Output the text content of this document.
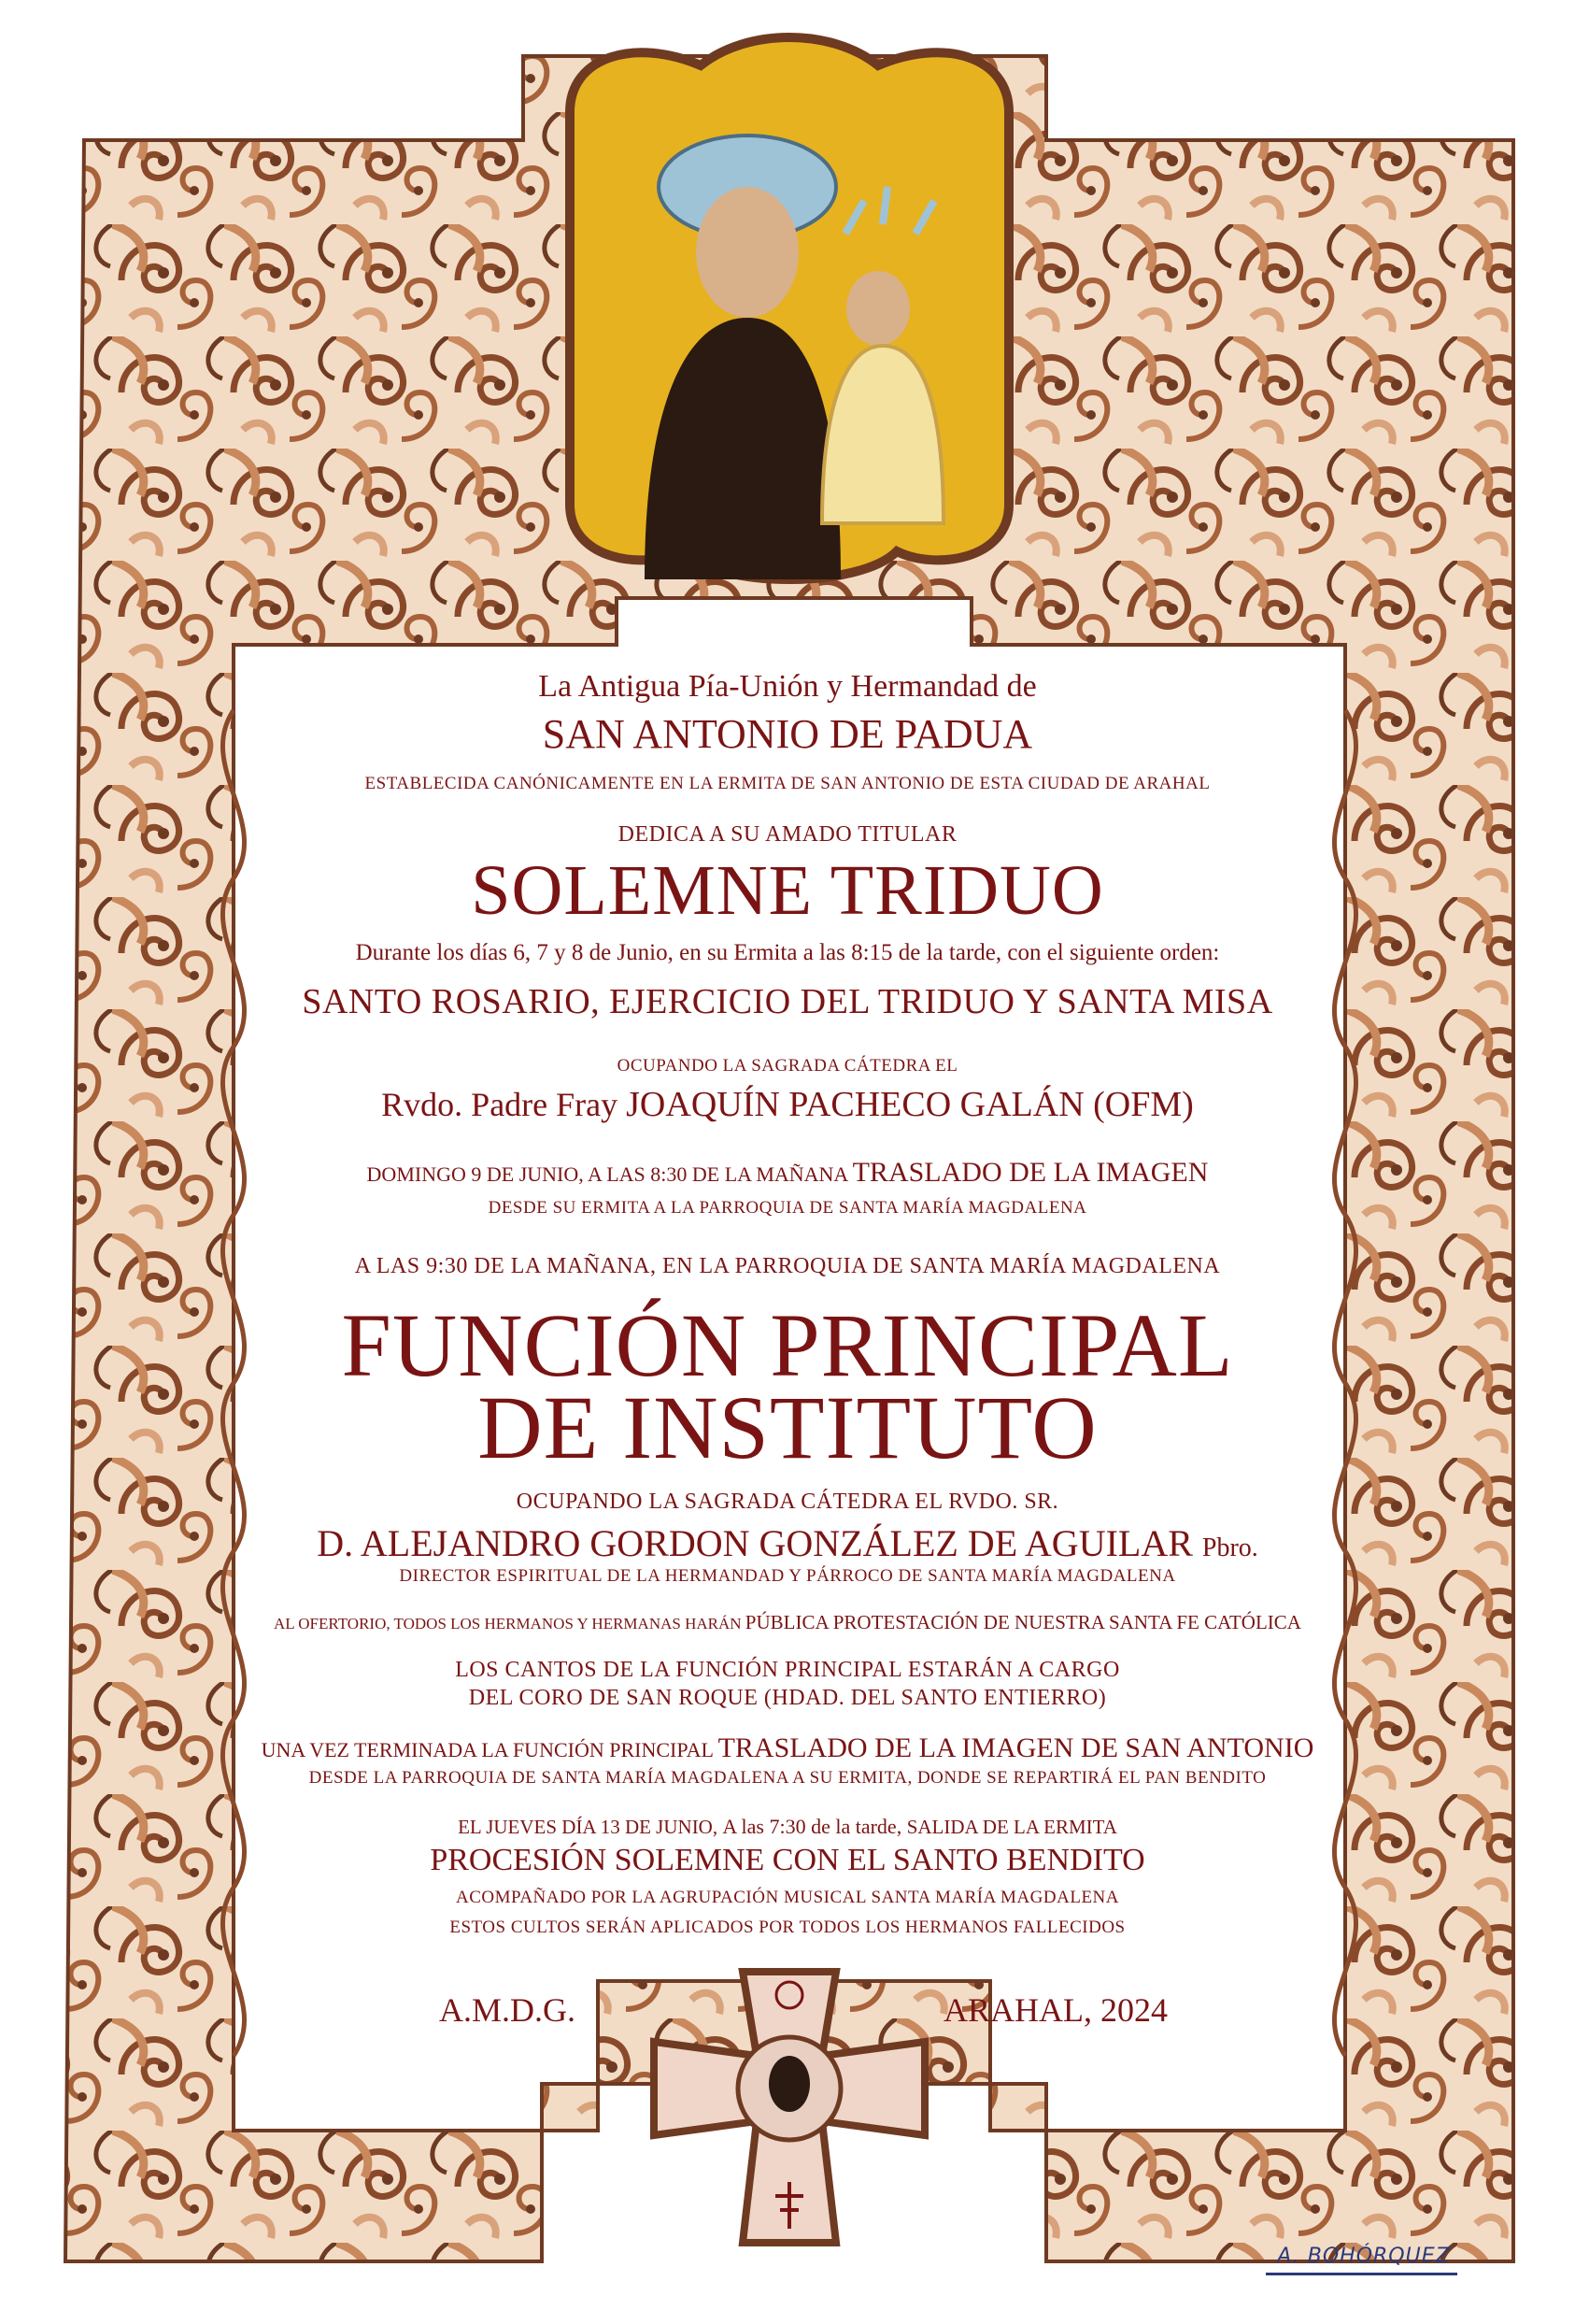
La Antigua Pía-Unión y Hermandad de
SAN ANTONIO DE PADUA
ESTABLECIDA CANÓNICAMENTE EN LA ERMITA DE SAN ANTONIO DE ESTA CIUDAD DE ARAHAL
DEDICA A SU AMADO TITULAR
SOLEMNE TRIDUO
Durante los días 6, 7 y 8 de Junio, en su Ermita a las 8:15 de la tarde, con el siguiente orden:
SANTO ROSARIO, EJERCICIO DEL TRIDUO Y SANTA MISA
OCUPANDO LA SAGRADA CÁTEDRA EL
Rvdo. Padre Fray JOAQUÍN PACHECO GALÁN (OFM)
DOMINGO 9 DE JUNIO, A LAS 8:30 DE LA MAÑANA TRASLADO DE LA IMAGEN
DESDE SU ERMITA A LA PARROQUIA DE SANTA MARÍA MAGDALENA
A LAS 9:30 DE LA MAÑANA, EN LA PARROQUIA DE SANTA MARÍA MAGDALENA
FUNCIÓN PRINCIPAL
DE INSTITUTO
OCUPANDO LA SAGRADA CÁTEDRA EL RVDO. SR.
D. ALEJANDRO GORDON GONZÁLEZ DE AGUILAR Pbro.
DIRECTOR ESPIRITUAL DE LA HERMANDAD Y PÁRROCO DE SANTA MARÍA MAGDALENA
AL OFERTORIO, TODOS LOS HERMANOS Y HERMANAS HARÁN PÚBLICA PROTESTACIÓN DE NUESTRA SANTA FE CATÓLICA
LOS CANTOS DE LA FUNCIÓN PRINCIPAL ESTARÁN A CARGO
DEL CORO DE SAN ROQUE (HDAD. DEL SANTO ENTIERRO)
UNA VEZ TERMINADA LA FUNCIÓN PRINCIPAL TRASLADO DE LA IMAGEN DE SAN ANTONIO
DESDE LA PARROQUIA DE SANTA MARÍA MAGDALENA A SU ERMITA, DONDE SE REPARTIRÁ EL PAN BENDITO
EL JUEVES DÍA 13 DE JUNIO, A las 7:30 de la tarde, SALIDA DE LA ERMITA
PROCESIÓN SOLEMNE CON EL SANTO BENDITO
ACOMPAÑADO POR LA AGRUPACIÓN MUSICAL SANTA MARÍA MAGDALENA
ESTOS CULTOS SERÁN APLICADOS POR TODOS LOS HERMANOS FALLECIDOS
A.M.D.G.	ARAHAL, 2024
A. BOHÓRQUEZ
